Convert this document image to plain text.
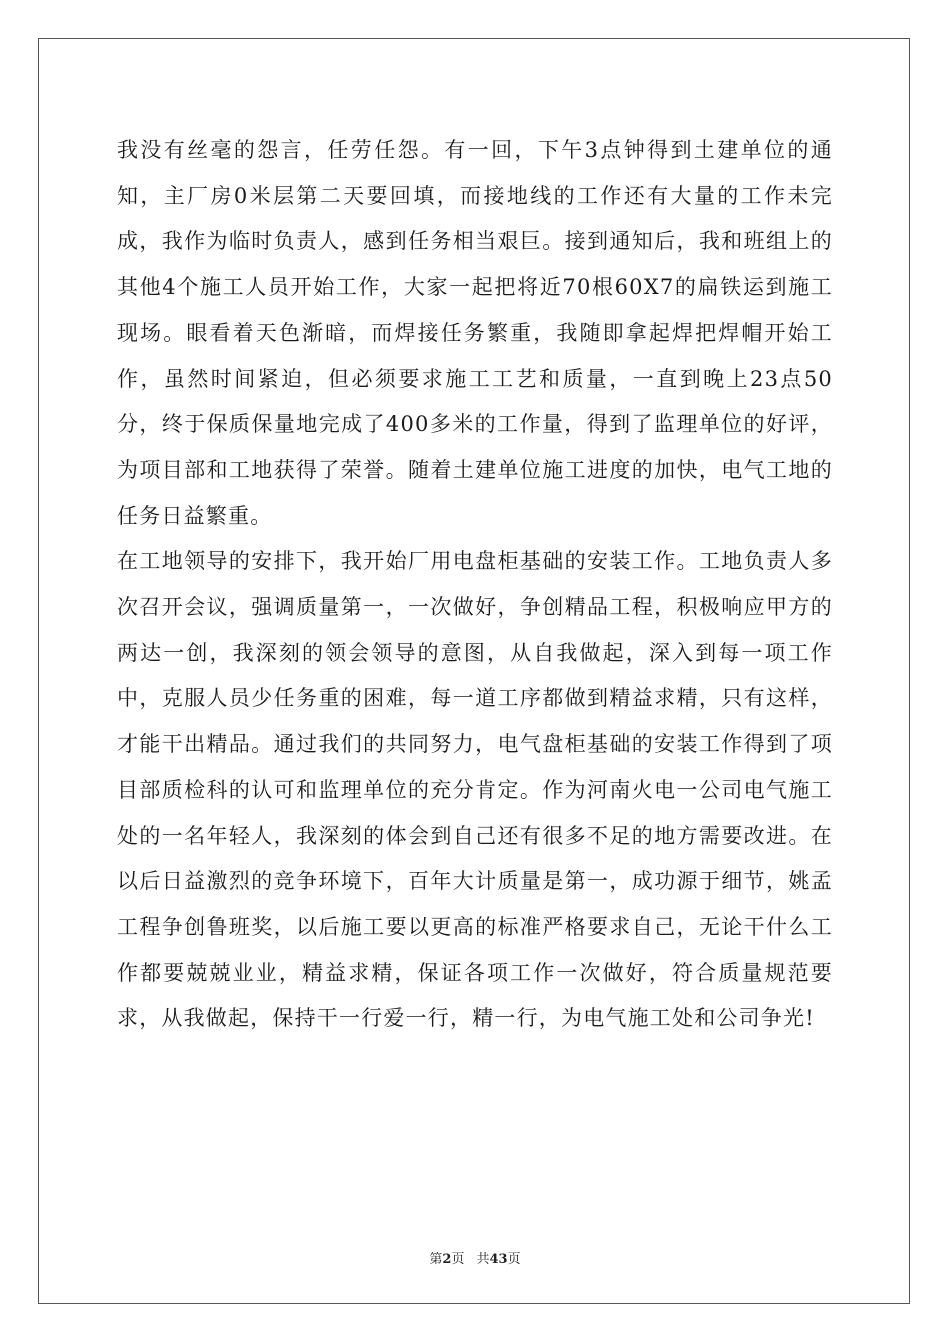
我没有丝毫的怨言，任劳任怨。有一回，下午3点钟得到土建单位的通知，主厂房0米层第二天要回填，而接地线的工作还有大量的工作未完成，我作为临时负责人，感到任务相当艰巨。接到通知后，我和班组上的其他4个施工人员开始工作，大家一起把将近70根60X7的扁铁运到施工现场。眼看着天色渐暗，而焊接任务繁重，我随即拿起焊把焊帽开始工作，虽然时间紧迫，但必须要求施工工艺和质量，一直到晚上23点50分，终于保质保量地完成了400多米的工作量，得到了监理单位的好评，为项目部和工地获得了荣誉。随着土建单位施工进度的加快，电气工地的任务日益繁重。

在工地领导的安排下，我开始厂用电盘柜基础的安装工作。工地负责人多次召开会议，强调质量第一，一次做好，争创精品工程，积极响应甲方的两达一创，我深刻的领会领导的意图，从自我做起，深入到每一项工作中，克服人员少任务重的困难，每一道工序都做到精益求精，只有这样，才能干出精品。通过我们的共同努力，电气盘柜基础的安装工作得到了项目部质检科的认可和监理单位的充分肯定。作为河南火电一公司电气施工处的一名年轻人，我深刻的体会到自己还有很多不足的地方需要改进。在以后日益激烈的竞争环境下，百年大计质量是第一，成功源于细节，姚孟工程争创鲁班奖，以后施工要以更高的标准严格要求自己，无论干什么工作都要兢兢业业，精益求精，保证各项工作一次做好，符合质量规范要求，从我做起，保持干一行爱一行，精一行，为电气施工处和公司争光!

第2页 共43页
